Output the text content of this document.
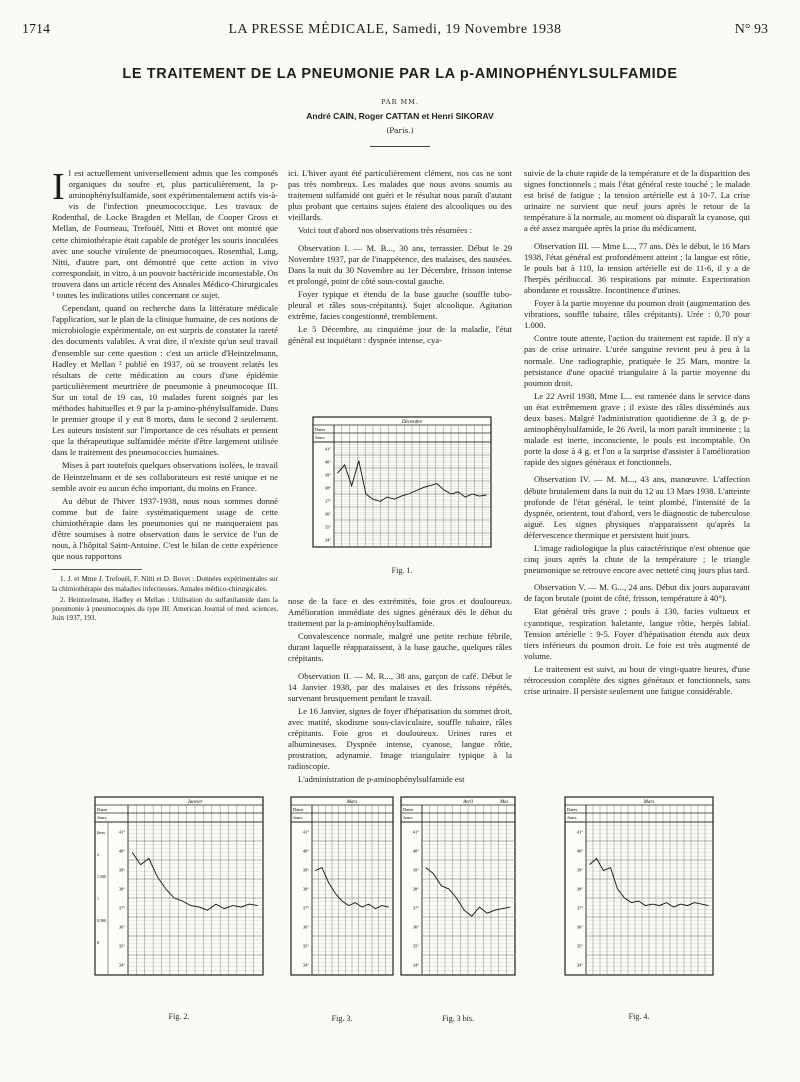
1714	LA PRESSE MÉDICALE, Samedi, 19 Novembre 1938	N° 93
LE TRAITEMENT DE LA PNEUMONIE PAR LA p-AMINOPHÉNYLSULFAMIDE
PAR MM.
André CAIN, Roger CATTAN et Henri SIKORAV
(Paris.)

Il est actuellement universellement admis que les composés organiques du soufre et, plus particulièrement, la p-aminophénylsulfamide, sont expérimentalement actifs vis-à-vis de l'infection pneumococcique. Les travaux de Rodenthal, de Locke Bragden et Mellan, de Cooper Gross et Mellan, de Fourneau, Trefouël, Nitti et Bovet ont montré que cette chimiothérapie était capable de protéger les souris inoculées avec une souche virulente de pneumocoques. Rosenthal, Lang, Nitti, d'autre part, ont démontré que cette action in vivo correspondait, in vitro, à un pouvoir bactéricide incontestable. On trouvera dans un article récent des Annales Médico-Chirurgicales ¹ toutes les indications utiles concernant ce sujet.

Cependant, quand on recherche dans la littérature médicale l'application, sur le plan de la clinique humaine, de ces notions de microbiologie expérimentale, on est surpris de constater la rareté des documents valables. A vrai dire, il n'existe qu'un seul travail d'ensemble sur cette question : c'est un article d'Heintzelmann, Hadley et Mellan ² publié en 1937, où se trouvent relatés les résultats de cette médication au cours d'une épidémie particulièrement meurtrière de pneumonie à pneumocoque III. Sur un total de 19 cas, 10 malades furent soignés par les méthodes habituelles et 9 par la p-amino-phénylsulfamide. Dans le premier groupe il y eut 8 morts, dans le second 2 seulement. Les auteurs insistent sur l'importance de ces résultats et pensent que la thérapeutique sulfamidée mérite d'être largement utilisée dans le traitement des pneumococcies humaines.

Mises à part toutefois quelques observations isolées, le travail de Heintzelmann et de ses collaborateurs est resté unique et ne semble avoir eu aucun écho important, du moins en France.

Au début de l'hiver 1937-1938, nous nous sommes donné comme but de faire systématiquement usage de cette chimiothérapie dans les pneumonies qui ne manqueraient pas d'être soumises à notre observation dans le service de l'un de nous, à l'hôpital Saint-Antoine. C'est le bilan de cette expérience que nous rapportons

1. J. et Mme J. Trefouël, F. Nitti et D. Bovet : Données expérimentales sur la chimiothérapie des maladies infectieuses. Annales médico-chirurgicales.

2. Heintzelmann, Hadley et Mellan : Utilisation du sulfanilamide dans la pneumonie à pneumocoques du type III. American Journal of med. sciences, Juin 1937, 193.

ici. L'hiver ayant été particulièrement clément, nos cas ne sont pas très nombreux. Les malades que nous avons soumis au traitement sulfamidé ont guéri et le résultat nous paraît d'autant plus probant que certains sujets étaient des alcooliques ou des vieillards.

Voici tout d'abord nos observations très résumées :

Observation I. — M. B..., 30 ans, terrassier. Début le 29 Novembre 1937, par de l'inappétence, des malaises, des nausées. Dans la nuit du 30 Novembre au 1er Décembre, frisson intense et prolongé, point de côté sous-costal gauche.

Foyer typique et étendu de la base gauche (souffle tubo-pleural et râles sous-crépitants). Sujet alcoolique. Agitation extrême, facies congestionné, tremblement.

Le 5 Décembre, au cinquième jour de la maladie, l'état général est inquiétant : dyspnée intense, cya-

nose de la face et des extrémités, foie gros et douloureux. Amélioration immédiate des signes généraux dès le début du traitement par la p-aminophénylsulfamide.

Convalescence normale, malgré une petite rechute fébrile, durant laquelle réapparaissent, à la base gauche, quelques râles crépitants.

Observation II. — M. R..., 38 ans, garçon de café. Début le 14 Janvier 1938, par des malaises et des frissons répétés, survenant brusquement pendant le travail.

Le 16 Janvier, signes de foyer d'hépatisation du sommet droit, avec matité, skodisme sous-claviculaire, souffle tubaire, râles crépitants. Foie gros et douloureux. Urines rares et albumineuses. Dyspnée intense, cyanose, langue rôtie, prostration, adynamie. Image triangulaire typique à la radioscopie.

L'administration de p-aminophénylsulfamide est

suivie de la chute rapide de la température et de la disparition des signes fonctionnels ; mais l'état général reste touché ; le malade est brisé de fatigue ; la tension artérielle est à 10-7. La crise urinaire ne survient que neuf jours après le retour de la température à la normale, au moment où disparaît la cyanose, qui a été assez marquée après la prise du médicament.

Observation III. — Mme L..., 77 ans. Dès le début, le 16 Mars 1938, l'état général est profondément atteint ; la langue est rôtie, le pouls bat à 110, la tension artérielle est de 11-6, il y a de l'herpès péribuccal. 36 respirations par minute. Expectoration abondante et roussâtre. Incontinence d'urines.

Foyer à la partie moyenne du poumon droit (augmentation des vibrations, souffle tubaire, râles crépitants). Urée : 0,70 pour 1.000.

Contre toute attente, l'action du traitement est rapide. Il n'y a pas de crise urinaire. L'urée sanguine revient peu à peu à la normale. Une radiographie, pratiquée le 25 Mars, montre la persistance d'une opacité triangulaire à la partie moyenne du poumon droit.

Le 22 Avril 1938, Mme L... est ramenée dans le service dans un état extrêmement grave ; il existe des râles disséminés aux deux bases. Malgré l'administration quotidienne de 3 g. de p-aminophénylsulfamide, le 26 Avril, la mort paraît imminente ; la malade est inerte, inconsciente, le pouls est incomptable. On porte la dose à 4 g. et l'on a la surprise d'assister à l'amélioration rapide des signes généraux et fonctionnels.

Observation IV. — M. M..., 43 ans, manœuvre. L'affection débute brutalement dans la nuit du 12 au 13 Mars 1938. L'atteinte profonde de l'état général, le teint plombé, l'intensité de la dyspnée, orientent, tout d'abord, vers le diagnostic de tuberculose aiguë. Les signes physiques n'apparaissent qu'après la défervescence thermique et persistent huit jours.

L'image radiologique la plus caractéristique n'est obtenue que cinq jours après la chute de la température ; le triangle pneumonique se retrouve encore avec netteté cinq jours plus tard.

Observation V. — M. G..., 24 ans. Début dix jours auparavant de façon brutale (point de côté, frisson, température à 40°).

Etat général très grave ; pouls à 130, facies vultueux et cyanotique, respiration haletante, langue rôtie, herpès labial. Tension artérielle : 9-5. Foyer d'hépatisation étendu aux deux tiers inférieurs du poumon droit. Le foie est très augmenté de volume.

Le traitement est suivi, au bout de vingt-quatre heures, d'une rétrocession complète des signes généraux et fonctionnels, sans crise urinaire. Il persiste seulement une fatigue considérable.

Dates
Jours
Décembre
41°
40°
39°
38°
37°
36°
35°
34°
Fig. 1.
Dates
Jours
Janvier
41°
40°
39°
38°
37°
36°
35°
34°
litres
2
1.500
1
0,500
0
Fig. 2.
Dates
Jours
Mars
41°
40°
39°
38°
37°
36°
35°
34°
Fig. 3.
Dates
Jours
Avril	Mai
41°
40°
39°
38°
37°
36°
35°
34°
Fig. 3 bis.
Dates
Jours
Mars
41°
40°
39°
38°
37°
36°
35°
34°
Fig. 4.
